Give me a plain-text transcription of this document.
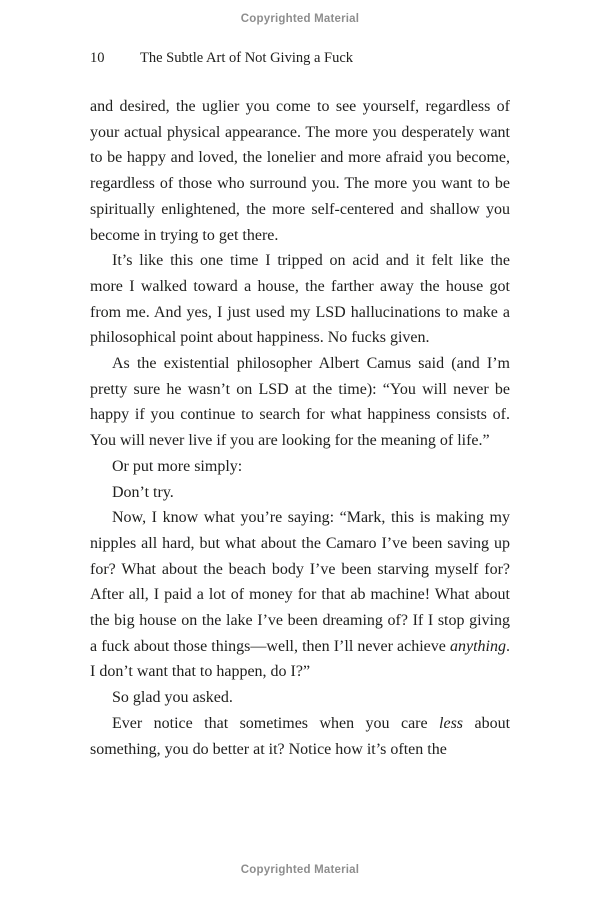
Copyrighted Material
10 The Subtle Art of Not Giving a Fuck

and desired, the uglier you come to see yourself, regardless of your actual physical appearance. The more you desperately want to be happy and loved, the lonelier and more afraid you become, regardless of those who surround you. The more you want to be spiritually enlightened, the more self-centered and shallow you become in trying to get there.

It’s like this one time I tripped on acid and it felt like the more I walked toward a house, the farther away the house got from me. And yes, I just used my LSD hallucinations to make a philosophical point about happiness. No fucks given.

As the existential philosopher Albert Camus said (and I’m pretty sure he wasn’t on LSD at the time): “You will never be happy if you continue to search for what happiness consists of. You will never live if you are looking for the meaning of life.”

Or put more simply:

Don’t try.

Now, I know what you’re saying: “Mark, this is making my nipples all hard, but what about the Camaro I’ve been saving up for? What about the beach body I’ve been starving myself for? After all, I paid a lot of money for that ab machine! What about the big house on the lake I’ve been dreaming of? If I stop giving a fuck about those things—well, then I’ll never achieve anything. I don’t want that to happen, do I?”

So glad you asked.

Ever notice that sometimes when you care less about something, you do better at it? Notice how it’s often the

Copyrighted Material
